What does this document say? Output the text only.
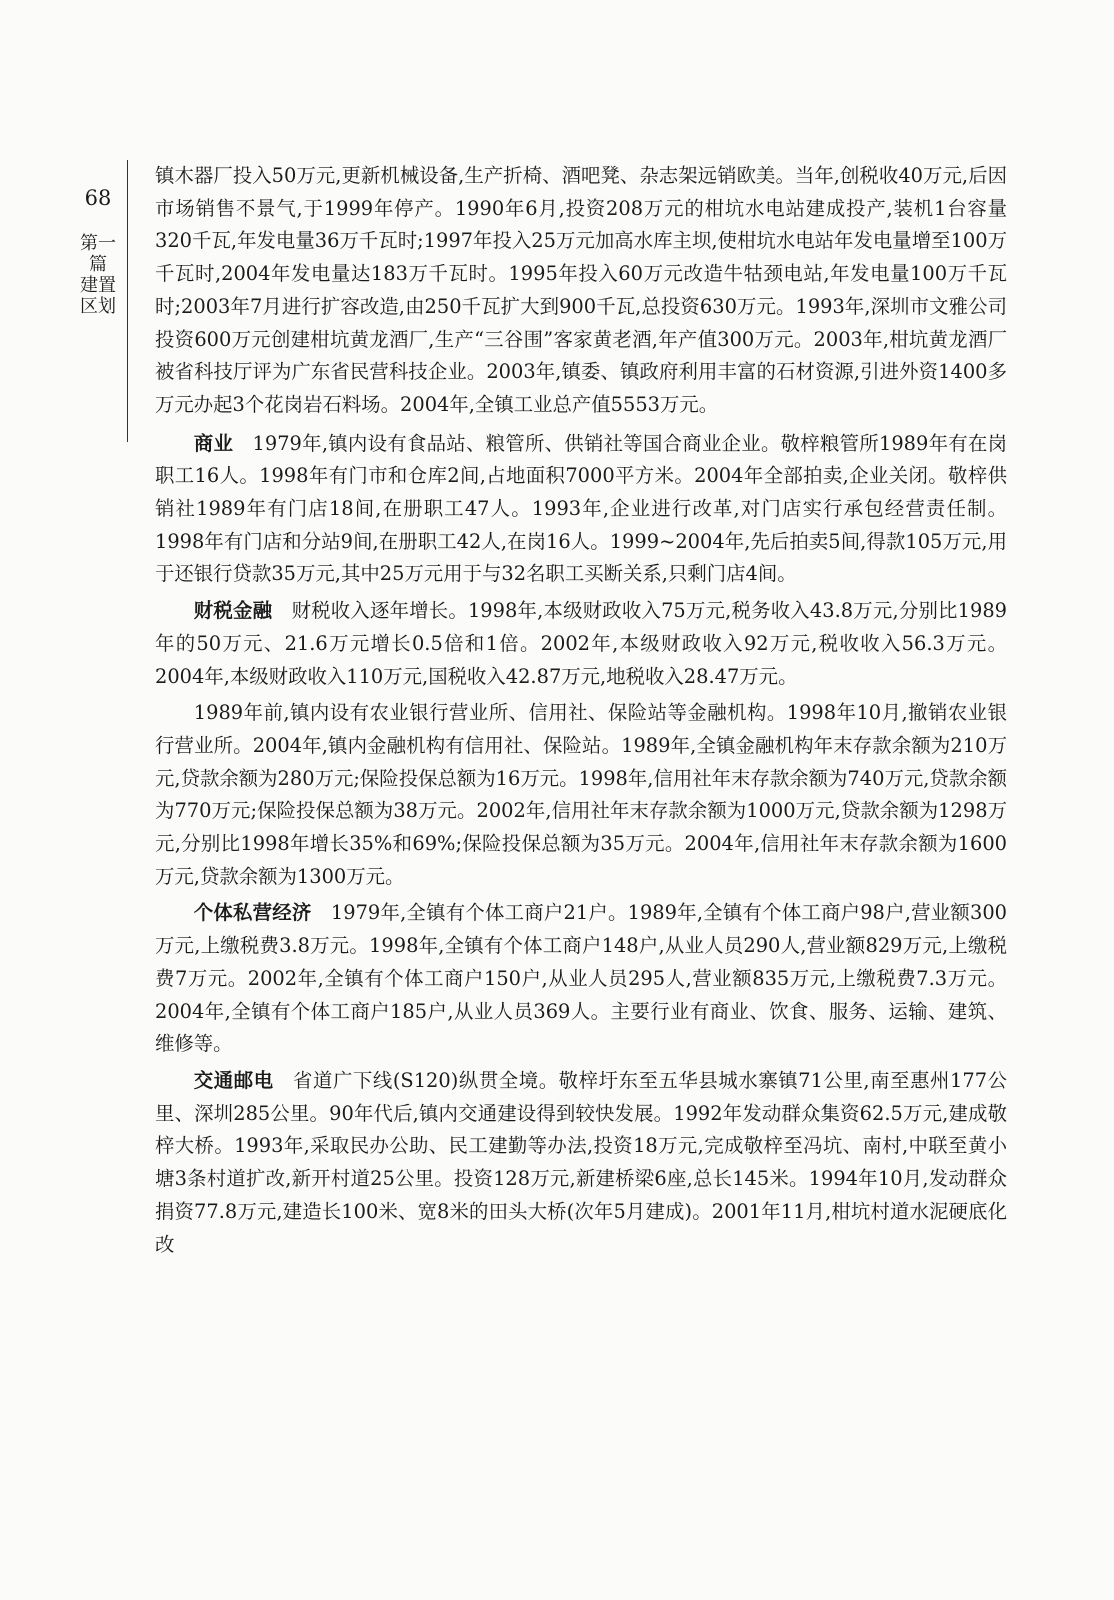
68
第一篇 建置 区划

镇木器厂投入50万元,更新机械设备,生产折椅、酒吧凳、杂志架远销欧美。当年,创税收40万元,后因市场销售不景气,于1999年停产。1990年6月,投资208万元的柑坑水电站建成投产,装机1台容量320千瓦,年发电量36万千瓦时;1997年投入25万元加高水库主坝,使柑坑水电站年发电量增至100万千瓦时,2004年发电量达183万千瓦时。1995年投入60万元改造牛牯颈电站,年发电量100万千瓦时;2003年7月进行扩容改造,由250千瓦扩大到900千瓦,总投资630万元。1993年,深圳市文雅公司投资600万元创建柑坑黄龙酒厂,生产“三谷围”客家黄老酒,年产值300万元。2003年,柑坑黄龙酒厂被省科技厅评为广东省民营科技企业。2003年,镇委、镇政府利用丰富的石材资源,引进外资1400多万元办起3个花岗岩石料场。2004年,全镇工业总产值5553万元。

商业 1979年,镇内设有食品站、粮管所、供销社等国合商业企业。敬梓粮管所1989年有在岗职工16人。1998年有门市和仓库2间,占地面积7000平方米。2004年全部拍卖,企业关闭。敬梓供销社1989年有门店18间,在册职工47人。1993年,企业进行改革,对门店实行承包经营责任制。1998年有门店和分站9间,在册职工42人,在岗16人。1999~2004年,先后拍卖5间,得款105万元,用于还银行贷款35万元,其中25万元用于与32名职工买断关系,只剩门店4间。

财税金融 财税收入逐年增长。1998年,本级财政收入75万元,税务收入43.8万元,分别比1989年的50万元、21.6万元增长0.5倍和1倍。2002年,本级财政收入92万元,税收收入56.3万元。2004年,本级财政收入110万元,国税收入42.87万元,地税收入28.47万元。

1989年前,镇内设有农业银行营业所、信用社、保险站等金融机构。1998年10月,撤销农业银行营业所。2004年,镇内金融机构有信用社、保险站。1989年,全镇金融机构年末存款余额为210万元,贷款余额为280万元;保险投保总额为16万元。1998年,信用社年末存款余额为740万元,贷款余额为770万元;保险投保总额为38万元。2002年,信用社年末存款余额为1000万元,贷款余额为1298万元,分别比1998年增长35%和69%;保险投保总额为35万元。2004年,信用社年末存款余额为1600万元,贷款余额为1300万元。

个体私营经济 1979年,全镇有个体工商户21户。1989年,全镇有个体工商户98户,营业额300万元,上缴税费3.8万元。1998年,全镇有个体工商户148户,从业人员290人,营业额829万元,上缴税费7万元。2002年,全镇有个体工商户150户,从业人员295人,营业额835万元,上缴税费7.3万元。2004年,全镇有个体工商户185户,从业人员369人。主要行业有商业、饮食、服务、运输、建筑、维修等。

交通邮电 省道广下线(S120)纵贯全境。敬梓圩东至五华县城水寨镇71公里,南至惠州177公里、深圳285公里。90年代后,镇内交通建设得到较快发展。1992年发动群众集资62.5万元,建成敬梓大桥。1993年,采取民办公助、民工建勤等办法,投资18万元,完成敬梓至冯坑、南村,中联至黄小塘3条村道扩改,新开村道25公里。投资128万元,新建桥梁6座,总长145米。1994年10月,发动群众捐资77.8万元,建造长100米、宽8米的田头大桥(次年5月建成)。2001年11月,柑坑村道水泥硬底化改
